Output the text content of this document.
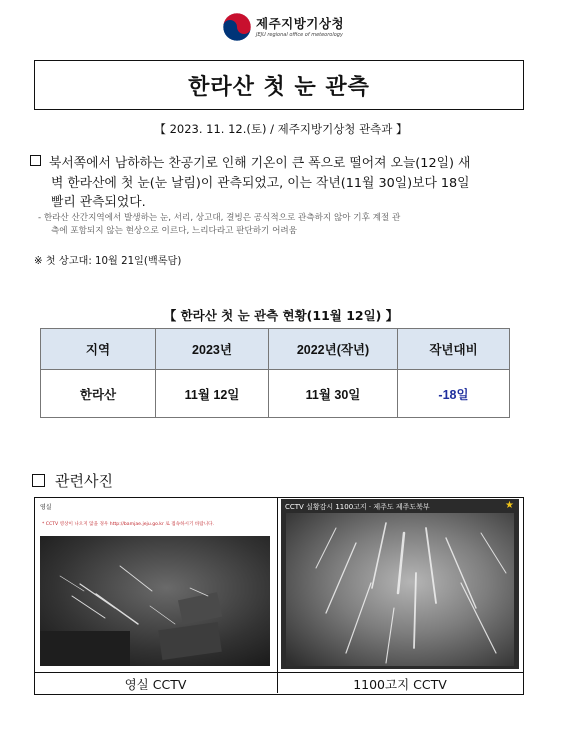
제주지방기상청
JEJU regional office of meteorology
한라산 첫 눈 관측
【 2023. 11. 12.(토) / 제주지방기상청 관측과 】
북서쪽에서 남하하는 찬공기로 인해 기온이 큰 폭으로 떨어져 오늘(12일) 새
벽 한라산에 첫 눈(눈 날림)이 관측되었고, 이는 작년(11월 30일)보다 18일
빨리 관측되었다.
- 한라산 산간지역에서 발생하는 눈, 서리, 상고대, 결빙은 공식적으로 관측하지 않아 기후 계절 관
측에 포함되지 않는 현상으로 이르다, 느리다라고 판단하기 어려움
※ 첫 상고대: 10월 21일(백록담)
【 한라산 첫 눈 관측 현황(11월 12일) 】
지역	2023년	2022년(작년)	작년대비
한라산	11월 12일	11월 30일	-18일
관련사진
영실
* CCTV 영상이 나오지 않을 경우 http://bamjae.jeju.go.kr 로 접속하시기 바랍니다.
CCTV 실황감시 1100고지 · 제주도 제주도북부	★
영실 CCTV	1100고지 CCTV
